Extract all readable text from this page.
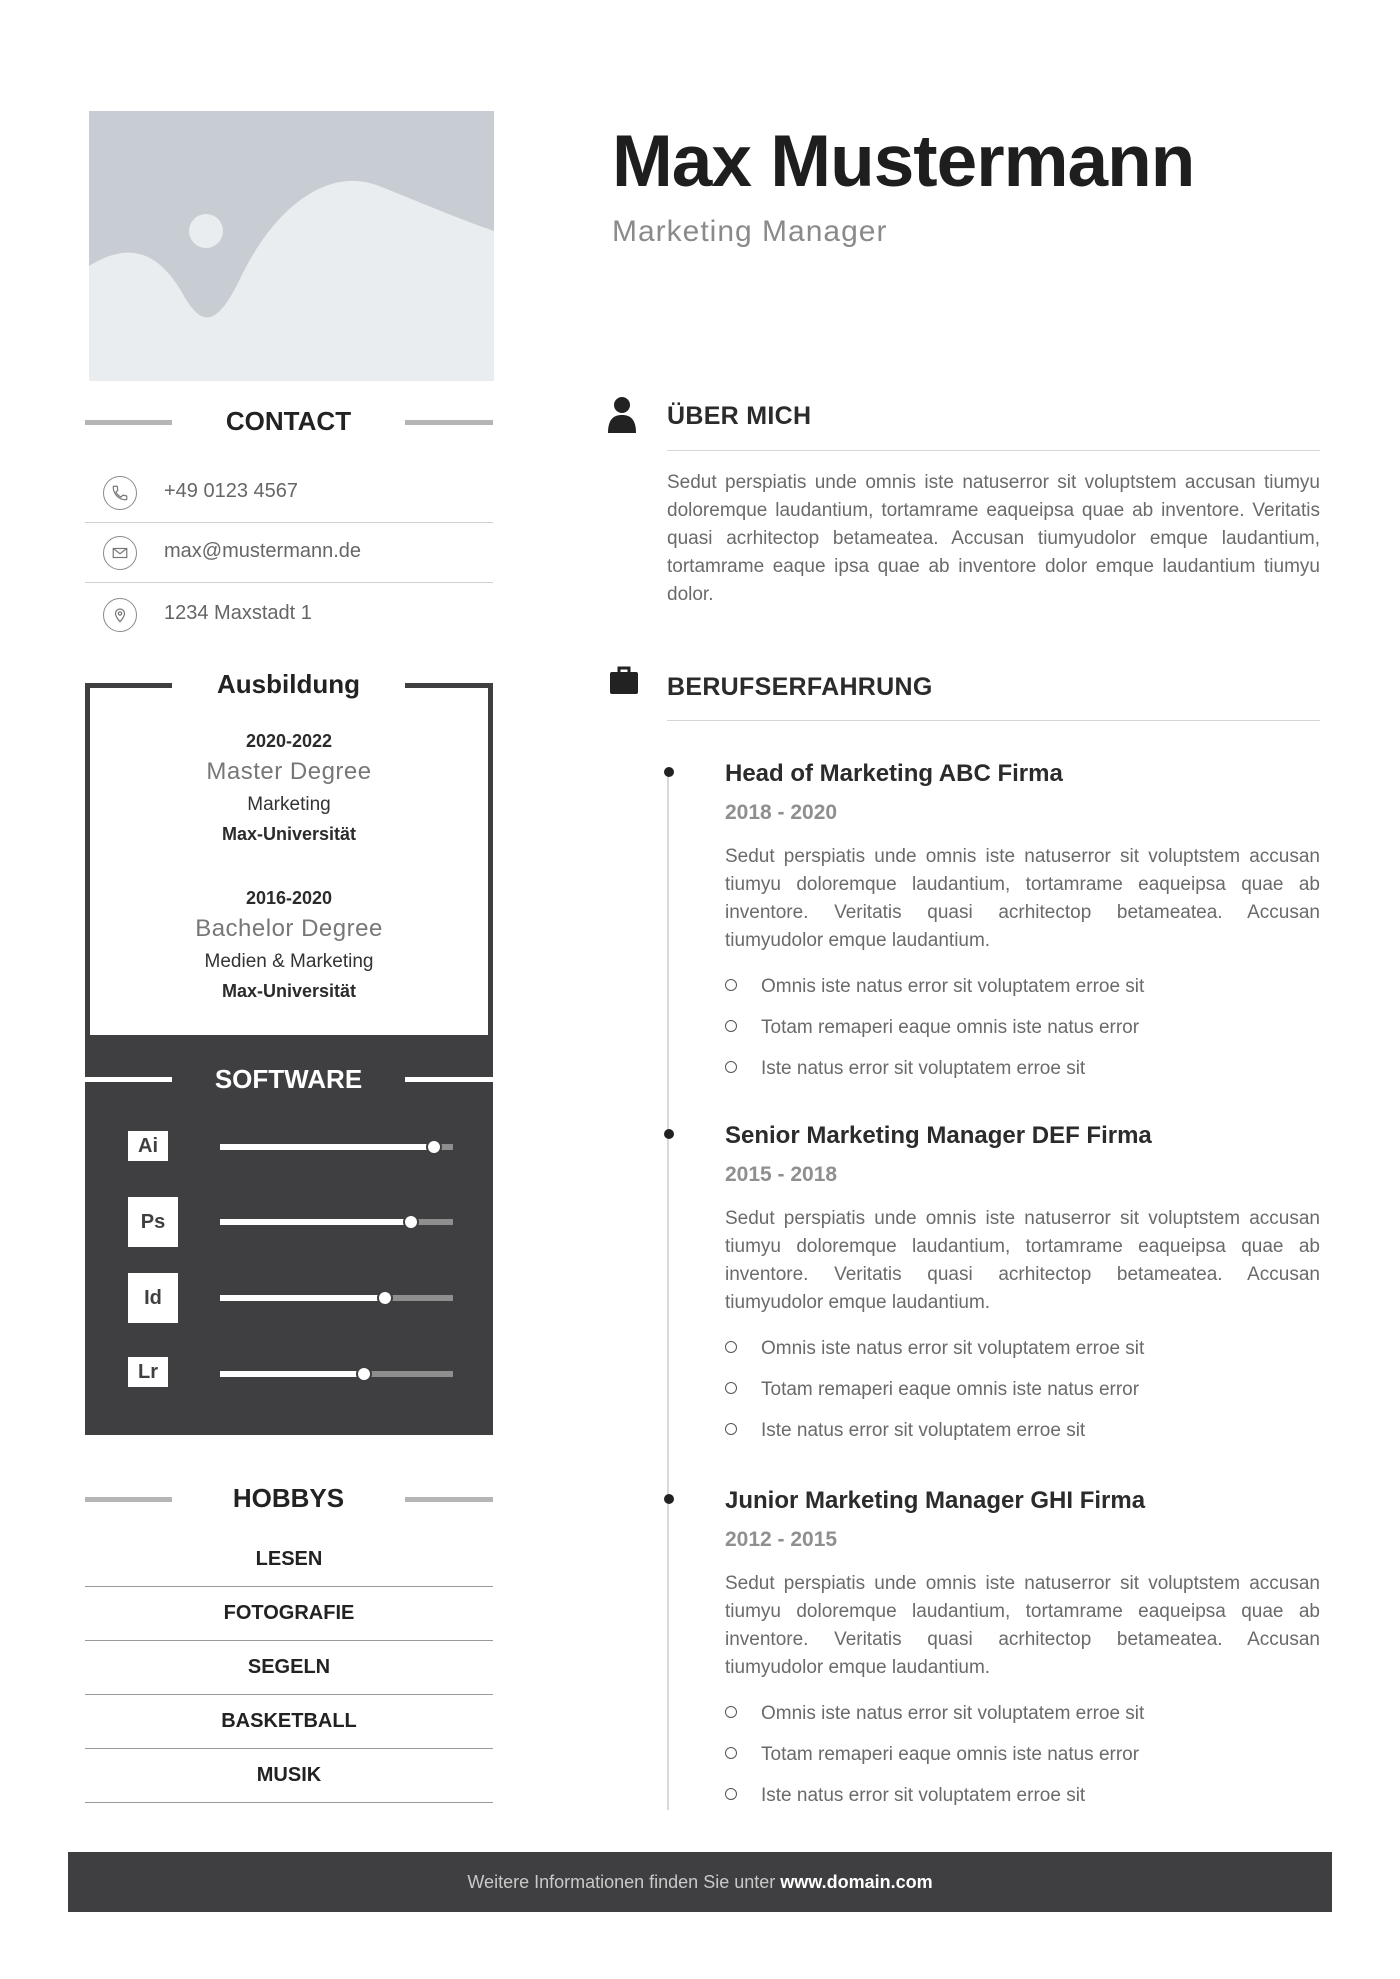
Max Mustermann
Marketing Manager
CONTACT
+49 0123 4567
max@mustermann.de
1234 Maxstadt 1
Ausbildung
2020-2022
Master Degree
Marketing
Max-Universität
2016-2020
Bachelor Degree
Medien & Marketing
Max-Universität
SOFTWARE
Ai
Ps
Id
Lr
HOBBYS
LESEN
FOTOGRAFIE
SEGELN
BASKETBALL
MUSIK
ÜBER MICH
Sedut perspiatis unde omnis iste natuserror sit voluptstem accusan tiumyu doloremque laudantium, tortamrame eaqueipsa quae ab inventore. Veritatis quasi acrhitectop betameatea. Accusan tiumyudolor emque laudantium, tortamrame eaque ipsa quae ab inventore dolor emque laudantium tiumyu dolor.
BERUFSERFAHRUNG
Head of Marketing ABC Firma
2018 - 2020
Sedut perspiatis unde omnis iste natuserror sit voluptstem accusan tiumyu doloremque laudantium, tortamrame eaqueipsa quae ab inventore. Veritatis quasi acrhitectop betameatea. Accusan tiumyudolor emque laudantium.
Omnis iste natus error sit voluptatem erroe sit
Totam remaperi eaque omnis iste natus error
Iste natus error sit voluptatem erroe sit
Senior Marketing Manager DEF Firma
2015 - 2018
Sedut perspiatis unde omnis iste natuserror sit voluptstem accusan tiumyu doloremque laudantium, tortamrame eaqueipsa quae ab inventore. Veritatis quasi acrhitectop betameatea. Accusan tiumyudolor emque laudantium.
Omnis iste natus error sit voluptatem erroe sit
Totam remaperi eaque omnis iste natus error
Iste natus error sit voluptatem erroe sit
Junior Marketing Manager GHI Firma
2012 - 2015
Sedut perspiatis unde omnis iste natuserror sit voluptstem accusan tiumyu doloremque laudantium, tortamrame eaqueipsa quae ab inventore. Veritatis quasi acrhitectop betameatea. Accusan tiumyudolor emque laudantium.
Omnis iste natus error sit voluptatem erroe sit
Totam remaperi eaque omnis iste natus error
Iste natus error sit voluptatem erroe sit
Weitere Informationen finden Sie unter www.domain.com
